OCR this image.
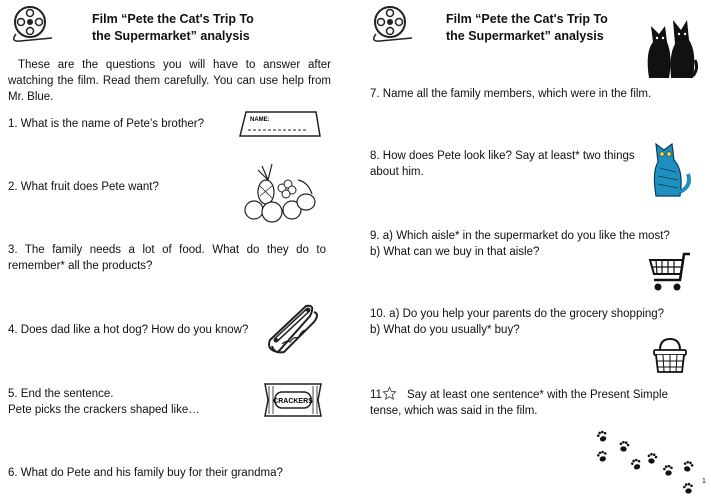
Film “Pete the Cat's Trip To
the Supermarket” analysis
These are the questions you will have to answer after watching the film. Read them carefully. You can use help from Mr. Blue.
1. What is the name of Pete’s brother?	NAME:
2. What fruit does Pete want?
3. The family needs a lot of food. What do they do to remember* all the products?
4. Does dad like a hot dog? How do you know?
5. End the sentence.
Pete picks the crackers shaped like…
CRACKERS
6. What do Pete and his family buy for their grandma?
Film “Pete the Cat's Trip To
the Supermarket” analysis
7. Name all the family members, which were in the film.
8. How does Pete look like? Say at least* two things about him.
9. a) Which aisle* in the supermarket do you like the most?
b) What can we buy in that aisle?
10. a) Do you help your parents do the grocery shopping?
b) What do you usually* buy?
11 Say at least one sentence* with the Present Simple tense, which was said in the film.
1
